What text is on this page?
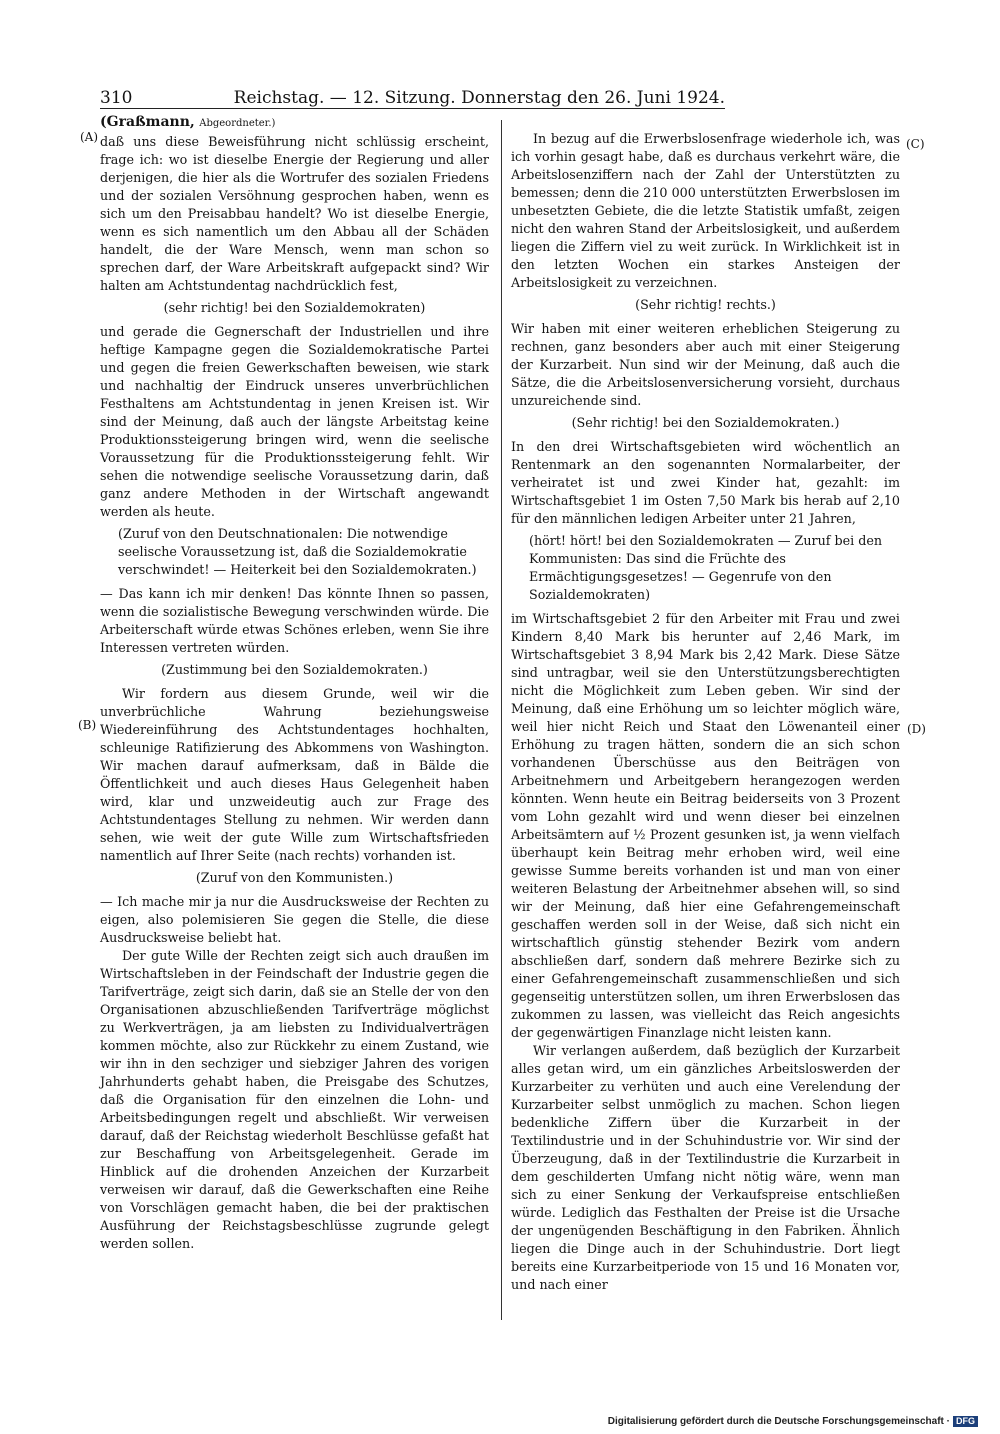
310	Reichstag. — 12. Sitzung. Donnerstag den 26. Juni 1924.
(Graßmann, Abgeordneter.)
(A)
(B)
(C)
(D)

daß uns diese Beweisführung nicht schlüssig erscheint, frage ich: wo ist dieselbe Energie der Regierung und aller derjenigen, die hier als die Wortrufer des sozialen Friedens und der sozialen Versöhnung gesprochen haben, wenn es sich um den Preisabbau handelt? Wo ist dieselbe Energie, wenn es sich namentlich um den Abbau all der Schäden handelt, die der Ware Mensch, wenn man schon so sprechen darf, der Ware Arbeitskraft aufgepackt sind? Wir halten am Achtstundentag nachdrücklich fest,

(sehr richtig! bei den Sozialdemokraten)

und gerade die Gegnerschaft der Industriellen und ihre heftige Kampagne gegen die Sozialdemokratische Partei und gegen die freien Gewerkschaften beweisen, wie stark und nachhaltig der Eindruck unseres unverbrüchlichen Festhaltens am Achtstundentag in jenen Kreisen ist. Wir sind der Meinung, daß auch der längste Arbeitstag keine Produktionssteigerung bringen wird, wenn die seelische Voraussetzung für die Produktionssteigerung fehlt. Wir sehen die notwendige seelische Voraussetzung darin, daß ganz andere Methoden in der Wirtschaft angewandt werden als heute.

(Zuruf von den Deutschnationalen: Die notwendige seelische Voraussetzung ist, daß die Sozialdemokratie verschwindet! — Heiterkeit bei den Sozialdemokraten.)

— Das kann ich mir denken! Das könnte Ihnen so passen, wenn die sozialistische Bewegung verschwinden würde. Die Arbeiterschaft würde etwas Schönes erleben, wenn Sie ihre Interessen vertreten würden.

(Zustimmung bei den Sozialdemokraten.)

Wir fordern aus diesem Grunde, weil wir die unverbrüchliche Wahrung beziehungsweise Wiedereinführung des Achtstundentages hochhalten, schleunige Ratifizierung des Abkommens von Washington. Wir machen darauf aufmerksam, daß in Bälde die Öffentlichkeit und auch dieses Haus Gelegenheit haben wird, klar und unzweideutig auch zur Frage des Achtstundentages Stellung zu nehmen. Wir werden dann sehen, wie weit der gute Wille zum Wirtschaftsfrieden namentlich auf Ihrer Seite (nach rechts) vorhanden ist.

(Zuruf von den Kommunisten.)

— Ich mache mir ja nur die Ausdrucksweise der Rechten zu eigen, also polemisieren Sie gegen die Stelle, die diese Ausdrucksweise beliebt hat.

Der gute Wille der Rechten zeigt sich auch draußen im Wirtschaftsleben in der Feindschaft der Industrie gegen die Tarifverträge, zeigt sich darin, daß sie an Stelle der von den Organisationen abzuschließenden Tarifverträge möglichst zu Werkverträgen, ja am liebsten zu Individualverträgen kommen möchte, also zur Rückkehr zu einem Zustand, wie wir ihn in den sechziger und siebziger Jahren des vorigen Jahrhunderts gehabt haben, die Preisgabe des Schutzes, daß die Organisation für den einzelnen die Lohn- und Arbeitsbedingungen regelt und abschließt. Wir verweisen darauf, daß der Reichstag wiederholt Beschlüsse gefaßt hat zur Beschaffung von Arbeitsgelegenheit. Gerade im Hinblick auf die drohenden Anzeichen der Kurzarbeit verweisen wir darauf, daß die Gewerkschaften eine Reihe von Vorschlägen gemacht haben, die bei der praktischen Ausführung der Reichstagsbeschlüsse zugrunde gelegt werden sollen.

In bezug auf die Erwerbslosenfrage wiederhole ich, was ich vorhin gesagt habe, daß es durchaus verkehrt wäre, die Arbeitslosenziffern nach der Zahl der Unterstützten zu bemessen; denn die 210 000 unterstützten Erwerbslosen im unbesetzten Gebiete, die die letzte Statistik umfaßt, zeigen nicht den wahren Stand der Arbeitslosigkeit, und außerdem liegen die Ziffern viel zu weit zurück. In Wirklichkeit ist in den letzten Wochen ein starkes Ansteigen der Arbeitslosigkeit zu verzeichnen.

(Sehr richtig! rechts.)

Wir haben mit einer weiteren erheblichen Steigerung zu rechnen, ganz besonders aber auch mit einer Steigerung der Kurzarbeit. Nun sind wir der Meinung, daß auch die Sätze, die die Arbeitslosenversicherung vorsieht, durchaus unzureichende sind.

(Sehr richtig! bei den Sozialdemokraten.)

In den drei Wirtschaftsgebieten wird wöchentlich an Rentenmark an den sogenannten Normalarbeiter, der verheiratet ist und zwei Kinder hat, gezahlt: im Wirtschaftsgebiet 1 im Osten 7,50 Mark bis herab auf 2,10 für den männlichen ledigen Arbeiter unter 21 Jahren,

(hört! hört! bei den Sozialdemokraten — Zuruf bei den Kommunisten: Das sind die Früchte des Ermächtigungsgesetzes! — Gegenrufe von den Sozialdemokraten)

im Wirtschaftsgebiet 2 für den Arbeiter mit Frau und zwei Kindern 8,40 Mark bis herunter auf 2,46 Mark, im Wirtschaftsgebiet 3 8,94 Mark bis 2,42 Mark. Diese Sätze sind untragbar, weil sie den Unterstützungsberechtigten nicht die Möglichkeit zum Leben geben. Wir sind der Meinung, daß eine Erhöhung um so leichter möglich wäre, weil hier nicht Reich und Staat den Löwenanteil einer Erhöhung zu tragen hätten, sondern die an sich schon vorhandenen Überschüsse aus den Beiträgen von Arbeitnehmern und Arbeitgebern herangezogen werden könnten. Wenn heute ein Beitrag beiderseits von 3 Prozent vom Lohn gezahlt wird und wenn dieser bei einzelnen Arbeitsämtern auf ½ Prozent gesunken ist, ja wenn vielfach überhaupt kein Beitrag mehr erhoben wird, weil eine gewisse Summe bereits vorhanden ist und man von einer weiteren Belastung der Arbeitnehmer absehen will, so sind wir der Meinung, daß hier eine Gefahrengemeinschaft geschaffen werden soll in der Weise, daß sich nicht ein wirtschaftlich günstig stehender Bezirk vom andern abschließen darf, sondern daß mehrere Bezirke sich zu einer Gefahrengemeinschaft zusammenschließen und sich gegenseitig unterstützen sollen, um ihren Erwerbslosen das zukommen zu lassen, was vielleicht das Reich angesichts der gegenwärtigen Finanzlage nicht leisten kann.

Wir verlangen außerdem, daß bezüglich der Kurzarbeit alles getan wird, um ein gänzliches Arbeitsloswerden der Kurzarbeiter zu verhüten und auch eine Verelendung der Kurzarbeiter selbst unmöglich zu machen. Schon liegen bedenkliche Ziffern über die Kurzarbeit in der Textilindustrie und in der Schuhindustrie vor. Wir sind der Überzeugung, daß in der Textilindustrie die Kurzarbeit in dem geschilderten Umfang nicht nötig wäre, wenn man sich zu einer Senkung der Verkaufspreise entschließen würde. Lediglich das Festhalten der Preise ist die Ursache der ungenügenden Beschäftigung in den Fabriken. Ähnlich liegen die Dinge auch in der Schuhindustrie. Dort liegt bereits eine Kurzarbeitperiode von 15 und 16 Monaten vor, und nach einer

Digitalisierung gefördert durch die Deutsche Forschungsgemeinschaft · DFG
